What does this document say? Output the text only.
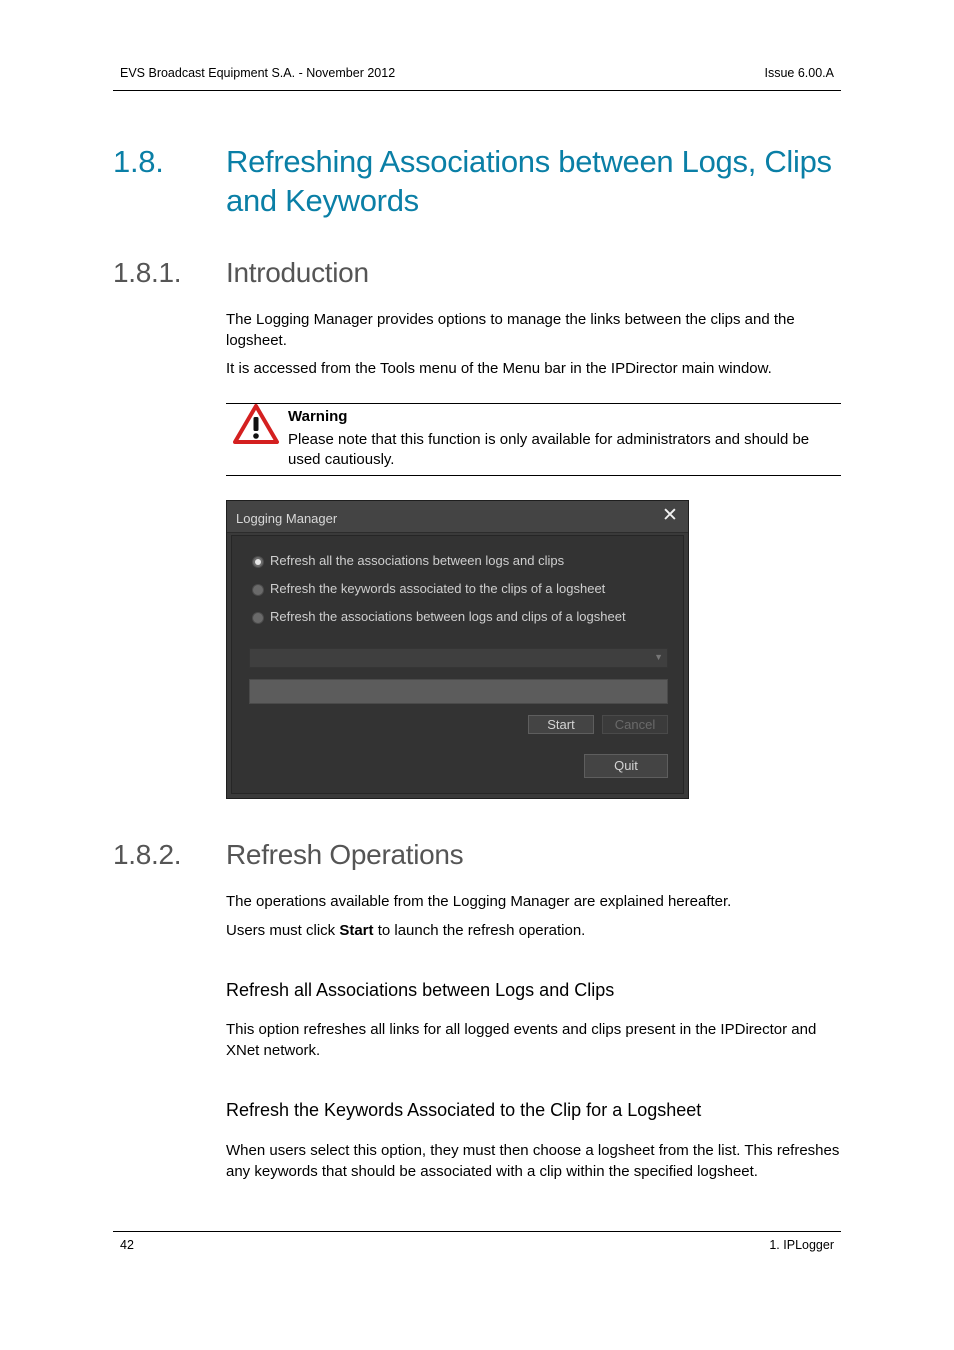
EVS Broadcast Equipment S.A. - November 2012	Issue 6.00.A
1.8. Refreshing Associations between Logs, Clips and Keywords
1.8.1. Introduction
The Logging Manager provides options to manage the links between the clips and the logsheet.
It is accessed from the Tools menu of the Menu bar in the IPDirector main window.
Warning
Please note that this function is only available for administrators and should be used cautiously.
Logging Manager	✕
Refresh all the associations between logs and clips
Refresh the keywords associated to the clips of a logsheet
Refresh the associations between logs and clips of a logsheet
▼
Start	Cancel
Quit
1.8.2. Refresh Operations
The operations available from the Logging Manager are explained hereafter.
Users must click Start to launch the refresh operation.
Refresh all Associations between Logs and Clips
This option refreshes all links for all logged events and clips present in the IPDirector and XNet network.
Refresh the Keywords Associated to the Clip for a Logsheet
When users select this option, they must then choose a logsheet from the list. This refreshes any keywords that should be associated with a clip within the specified logsheet.
42	1. IPLogger
